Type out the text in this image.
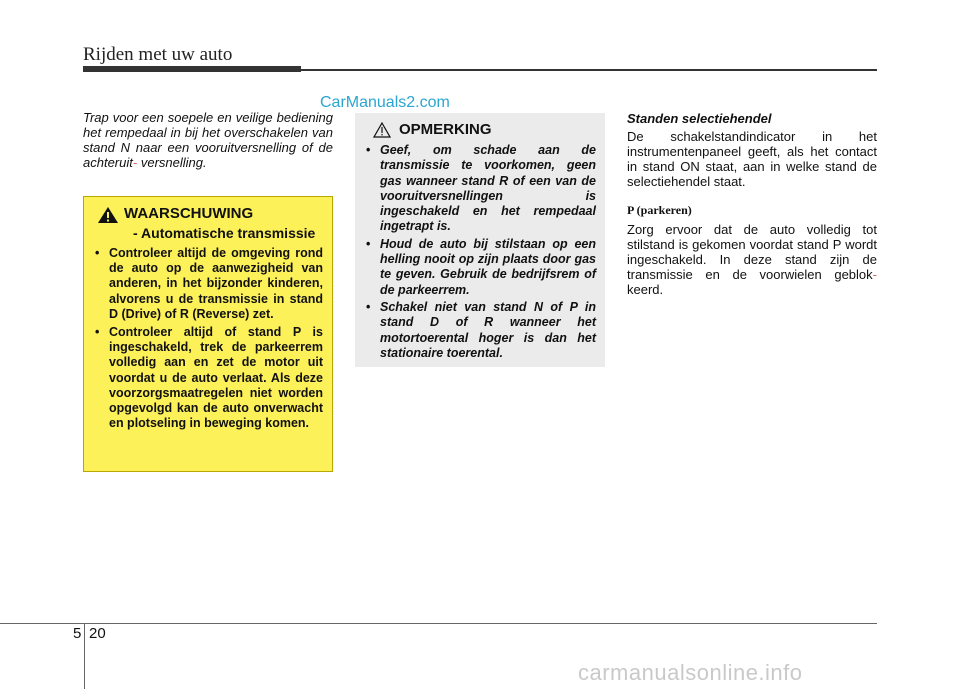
Rijden met uw auto
CarManuals2.com
Trap voor een soepele en veilige bediening het rempedaal in bij het overschakelen van stand N naar een vooruitversnelling of de achteruit- versnelling.
WAARSCHUWING
- Automatische transmissie
• Controleer altijd de omgeving rond de auto op de aanwezigheid van anderen, in het bijzonder kinderen, alvorens u de transmissie in stand D (Drive) of R (Reverse) zet.
• Controleer altijd of stand P is ingeschakeld, trek de parkeerrem volledig aan en zet de motor uit voordat u de auto verlaat. Als deze voorzorgsmaatregelen niet worden opgevolgd kan de auto onverwacht en plotseling in beweging komen.
OPMERKING
• Geef, om schade aan de transmissie te voorkomen, geen gas wanneer stand R of een van de vooruitversnellingen is ingeschakeld en het rempedaal ingetrapt is.
• Houd de auto bij stilstaan op een helling nooit op zijn plaats door gas te geven. Gebruik de bedrijfsrem of de parkeerrem.
• Schakel niet van stand N of P in stand D of R wanneer het motortoerental hoger is dan het stationaire toerental.
Standen selectiehendel
De schakelstandindicator in het instrumentenpaneel geeft, als het contact in stand ON staat, aan in welke stand de selectiehendel staat.
P (parkeren)
Zorg ervoor dat de auto volledig tot stilstand is gekomen voordat stand P wordt ingeschakeld. In deze stand zijn de transmissie en de voorwielen geblok- keerd.
5 20
carmanualsonline.info
